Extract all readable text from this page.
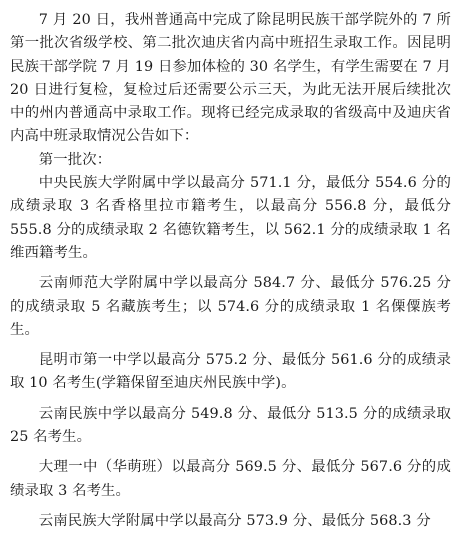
7 月 20 日，我州普通高中完成了除昆明民族干部学院外的 7 所第一批次省级学校、第二批次迪庆省内高中班招生录取工作。因昆明民族干部学院 7 月 19 日参加体检的 30 名学生，有学生需要在 7 月 20 日进行复检，复检过后还需要公示三天，为此无法开展后续批次中的州内普通高中录取工作。现将已经完成录取的省级高中及迪庆省内高中班录取情况公告如下：

第一批次：

中央民族大学附属中学以最高分 571.1 分，最低分 554.6 分的成绩录取 3 名香格里拉市籍考生，以最高分 556.8 分，最低分 555.8 分的成绩录取 2 名德钦籍考生，以 562.1 分的成绩录取 1 名维西籍考生。

云南师范大学附属中学以最高分 584.7 分、最低分 576.25 分的成绩录取 5 名藏族考生；以 574.6 分的成绩录取 1 名傈僳族考生。

昆明市第一中学以最高分 575.2 分、最低分 561.6 分的成绩录取 10 名考生(学籍保留至迪庆州民族中学)。

云南民族中学以最高分 549.8 分、最低分 513.5 分的成绩录取 25 名考生。

大理一中（华萌班）以最高分 569.5 分、最低分 567.6 分的成绩录取 3 名考生。

云南民族大学附属中学以最高分 573.9 分、最低分 568.3 分
